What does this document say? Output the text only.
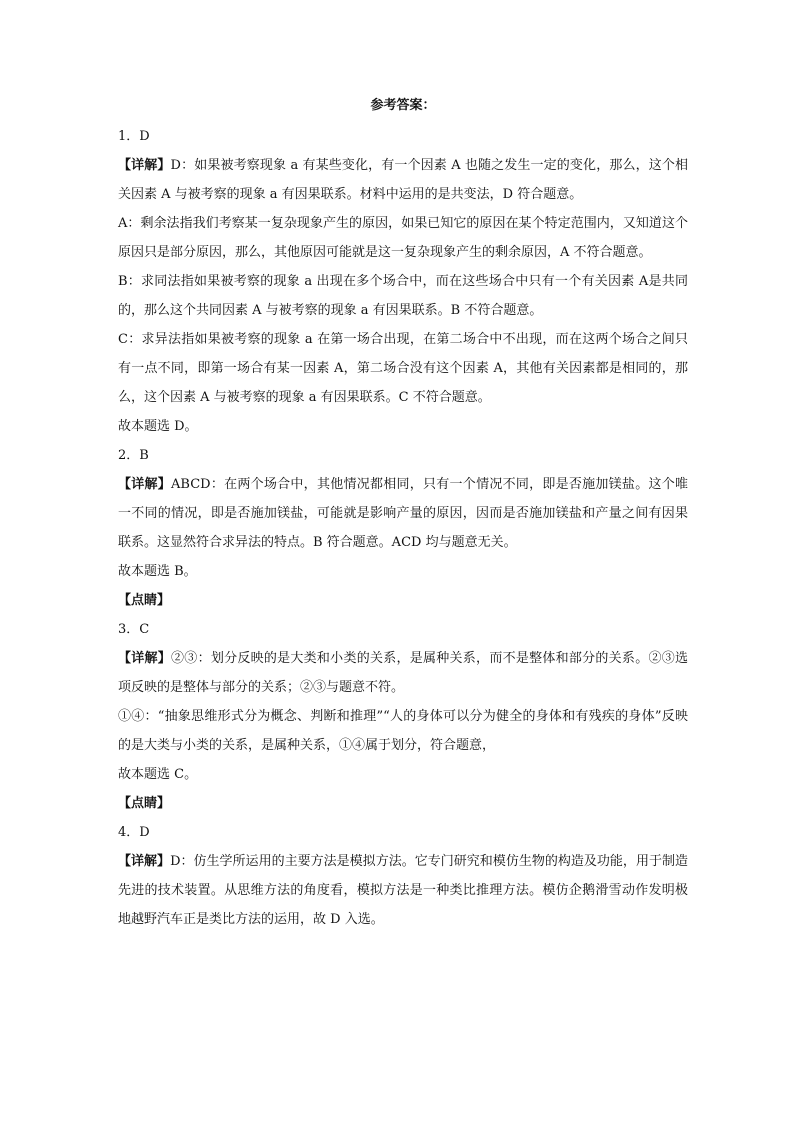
参考答案：

1．D

【详解】D：如果被考察现象 a 有某些变化，有一个因素 A 也随之发生一定的变化，那么，这个相关因素 A 与被考察的现象 a 有因果联系。材料中运用的是共变法，D 符合题意。

A：剩余法指我们考察某一复杂现象产生的原因，如果已知它的原因在某个特定范围内，又知道这个原因只是部分原因，那么，其他原因可能就是这一复杂现象产生的剩余原因，A 不符合题意。

B：求同法指如果被考察的现象 a 出现在多个场合中，而在这些场合中只有一个有关因素 A是共同的，那么这个共同因素 A 与被考察的现象 a 有因果联系。B 不符合题意。

C：求异法指如果被考察的现象 a 在第一场合出现，在第二场合中不出现，而在这两个场合之间只有一点不同，即第一场合有某一因素 A，第二场合没有这个因素 A，其他有关因素都是相同的，那么，这个因素 A 与被考察的现象 a 有因果联系。C 不符合题意。

故本题选 D。

2．B

【详解】ABCD：在两个场合中，其他情况都相同，只有一个情况不同，即是否施加镁盐。这个唯一不同的情况，即是否施加镁盐，可能就是影响产量的原因，因而是否施加镁盐和产量之间有因果联系。这显然符合求异法的特点。B 符合题意。ACD 均与题意无关。

故本题选 B。

【点睛】

3．C

【详解】②③：划分反映的是大类和小类的关系，是属种关系，而不是整体和部分的关系。②③选项反映的是整体与部分的关系；②③与题意不符。

①④：“抽象思维形式分为概念、判断和推理”“人的身体可以分为健全的身体和有残疾的身体”反映的是大类与小类的关系，是属种关系，①④属于划分，符合题意，

故本题选 C。

【点睛】

4．D

【详解】D：仿生学所运用的主要方法是模拟方法。它专门研究和模仿生物的构造及功能，用于制造先进的技术装置。从思维方法的角度看，模拟方法是一种类比推理方法。模仿企鹅滑雪动作发明极地越野汽车正是类比方法的运用，故 D 入选。
